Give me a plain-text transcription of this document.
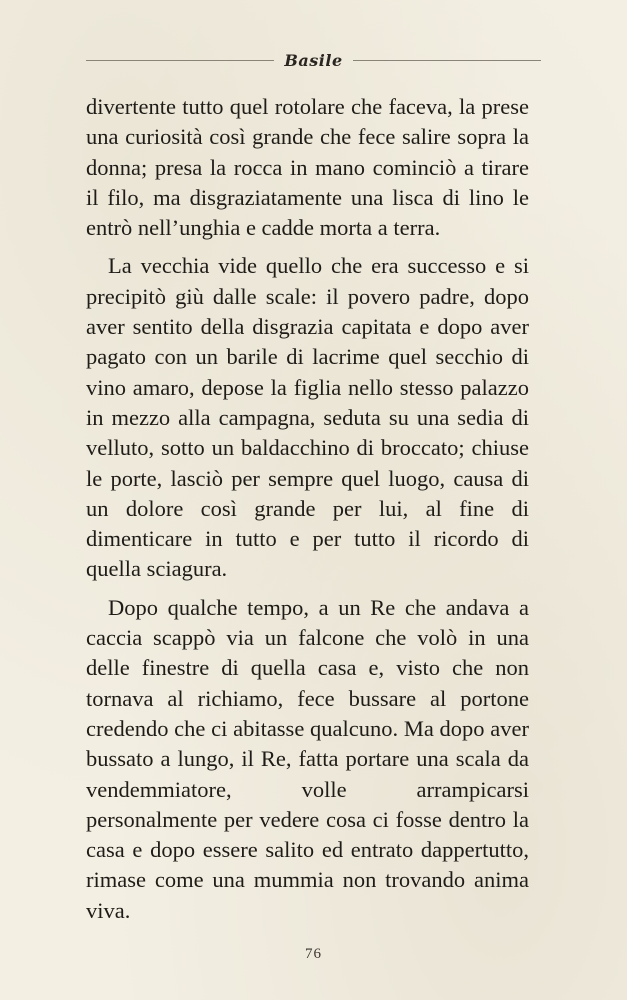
Basile

divertente tutto quel rotolare che faceva, la prese una curiosità così grande che fece salire sopra la donna; presa la rocca in mano cominciò a tirare il filo, ma disgraziatamente una lisca di lino le entrò nell’unghia e cadde morta a terra.

La vecchia vide quello che era successo e si precipitò giù dalle scale: il povero padre, dopo aver sentito della disgrazia capitata e dopo aver pagato con un barile di lacrime quel secchio di vino amaro, depose la figlia nello stesso palazzo in mezzo alla campagna, seduta su una sedia di velluto, sotto un baldacchino di broccato; chiuse le porte, lasciò per sempre quel luogo, causa di un dolore così grande per lui, al fine di dimenticare in tutto e per tutto il ricordo di quella sciagura.

Dopo qualche tempo, a un Re che andava a caccia scappò via un falcone che volò in una delle finestre di quella casa e, visto che non tornava al richiamo, fece bussare al portone credendo che ci abitasse qualcuno. Ma dopo aver bussato a lungo, il Re, fatta portare una scala da vendemmiatore, volle arrampicarsi personalmente per vedere cosa ci fosse dentro la casa e dopo essere salito ed entrato dappertutto, rimase come una mummia non trovando anima viva.

76
